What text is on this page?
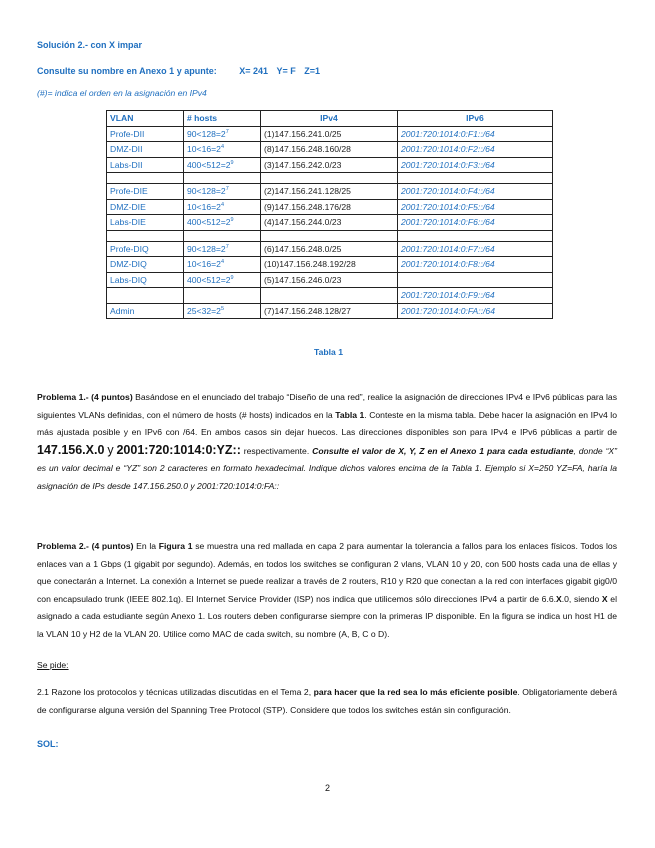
Solución 2.- con X impar
Consulte su nombre en Anexo 1 y apunte:	X= 241 Y= F Z=1
(#)= indica el orden en la asignación en IPv4
VLAN	# hosts	IPv4	IPv6
Profe-DII	$90<128=2^7$	(1)147.156.241.0/25	2001:720:1014:0:F1::/64
DMZ-DII	$10<16=2^4$	(8)147.156.248.160/28	2001:720:1014:0:F2::/64
Labs-DII	$400<512=2^9$	(3)147.156.242.0/23	2001:720:1014:0:F3::/64

Profe-DIE	$90<128=2^7$	(2)147.156.241.128/25	2001:720:1014:0:F4::/64
DMZ-DIE	$10<16=2^4$	(9)147.156.248.176/28	2001:720:1014:0:F5::/64
Labs-DIE	$400<512=2^9$	(4)147.156.244.0/23	2001:720:1014:0:F6::/64

Profe-DIQ	$90<128=2^7$	(6)147.156.248.0/25	2001:720:1014:0:F7::/64
DMZ-DIQ	$10<16=2^4$	(10)147.156.248.192/28	2001:720:1014:0:F8::/64
Labs-DIQ	$400<512=2^9$	(5)147.156.246.0/23	
			2001:720:1014:0:F9::/64
Admin	$25<32=2^5$	(7)147.156.248.128/27	2001:720:1014:0:FA::/64
Tabla 1
Problema 1.- (4 puntos) Basándose en el enunciado del trabajo “Diseño de una red”, realice la asignación de direcciones IPv4 e IPv6 públicas para las siguientes VLANs definidas, con el número de hosts (# hosts) indicados en la Tabla 1. Conteste en la misma tabla. Debe hacer la asignación en IPv4 lo más ajustada posible y en IPv6 con /64. En ambos casos sin dejar huecos. Las direcciones disponibles son para IPv4 e IPv6 públicas a partir de 147.156.X.0 y 2001:720:1014:0:YZ:: respectivamente. Consulte el valor de X, Y, Z en el Anexo 1 para cada estudiante, donde “X” es un valor decimal e “YZ” son 2 caracteres en formato hexadecimal. Indique dichos valores encima de la Tabla 1. Ejemplo si X=250 YZ=FA, haría la asignación de IPs desde 147.156.250.0 y 2001:720:1014:0:FA::
Problema 2.- (4 puntos) En la Figura 1 se muestra una red mallada en capa 2 para aumentar la tolerancia a fallos para los enlaces físicos. Todos los enlaces van a 1 Gbps (1 gigabit por segundo). Además, en todos los switches se configuran 2 vlans, VLAN 10 y 20, con 500 hosts cada una de ellas y que conectarán a Internet. La conexión a Internet se puede realizar a través de 2 routers, R10 y R20 que conectan a la red con interfaces gigabit gig0/0 con encapsulado trunk (IEEE 802.1q). El Internet Service Provider (ISP) nos indica que utilicemos sólo direcciones IPv4 a partir de 6.6.X.0, siendo X el asignado a cada estudiante según Anexo 1. Los routers deben configurarse siempre con la primeras IP disponible. En la figura se indica un host H1 de la VLAN 10 y H2 de la VLAN 20. Utilice como MAC de cada switch, su nombre (A, B, C o D).
Se pide:
2.1 Razone los protocolos y técnicas utilizadas discutidas en el Tema 2, para hacer que la red sea lo más eficiente posible. Obligatoriamente deberá de configurarse alguna versión del Spanning Tree Protocol (STP). Considere que todos los switches están sin configuración.
SOL:
2
